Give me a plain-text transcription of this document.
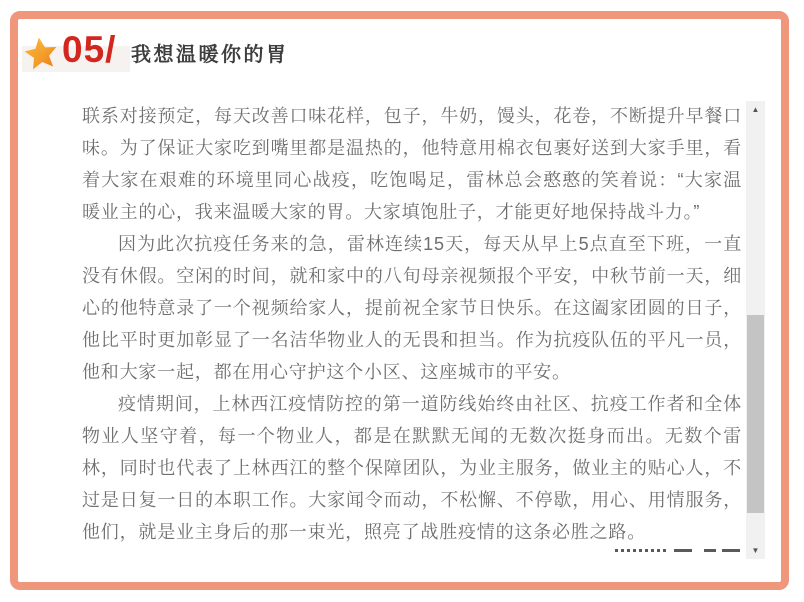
05/ 我想温暖你的胃

联系对接预定，每天改善口味花样，包子，牛奶，馒头，花卷，不断提升早餐口味。为了保证大家吃到嘴里都是温热的，他特意用棉衣包裹好送到大家手里，看着大家在艰难的环境里同心战疫，吃饱喝足，雷林总会憨憨的笑着说：“大家温暖业主的心，我来温暖大家的胃。大家填饱肚子，才能更好地保持战斗力。”

因为此次抗疫任务来的急，雷林连续15天，每天从早上5点直至下班，一直没有休假。空闲的时间，就和家中的八旬母亲视频报个平安，中秋节前一天，细心的他特意录了一个视频给家人，提前祝全家节日快乐。在这阖家团圆的日子，他比平时更加彰显了一名洁华物业人的无畏和担当。作为抗疫队伍的平凡一员，他和大家一起，都在用心守护这个小区、这座城市的平安。

疫情期间，上林西江疫情防控的第一道防线始终由社区、抗疫工作者和全体物业人坚守着，每一个物业人，都是在默默无闻的无数次挺身而出。无数个雷林，同时也代表了上林西江的整个保障团队，为业主服务，做业主的贴心人，不过是日复一日的本职工作。大家闻令而动，不松懈、不停歇，用心、用情服务，他们，就是业主身后的那一束光，照亮了战胜疫情的这条必胜之路。

▲
▼
